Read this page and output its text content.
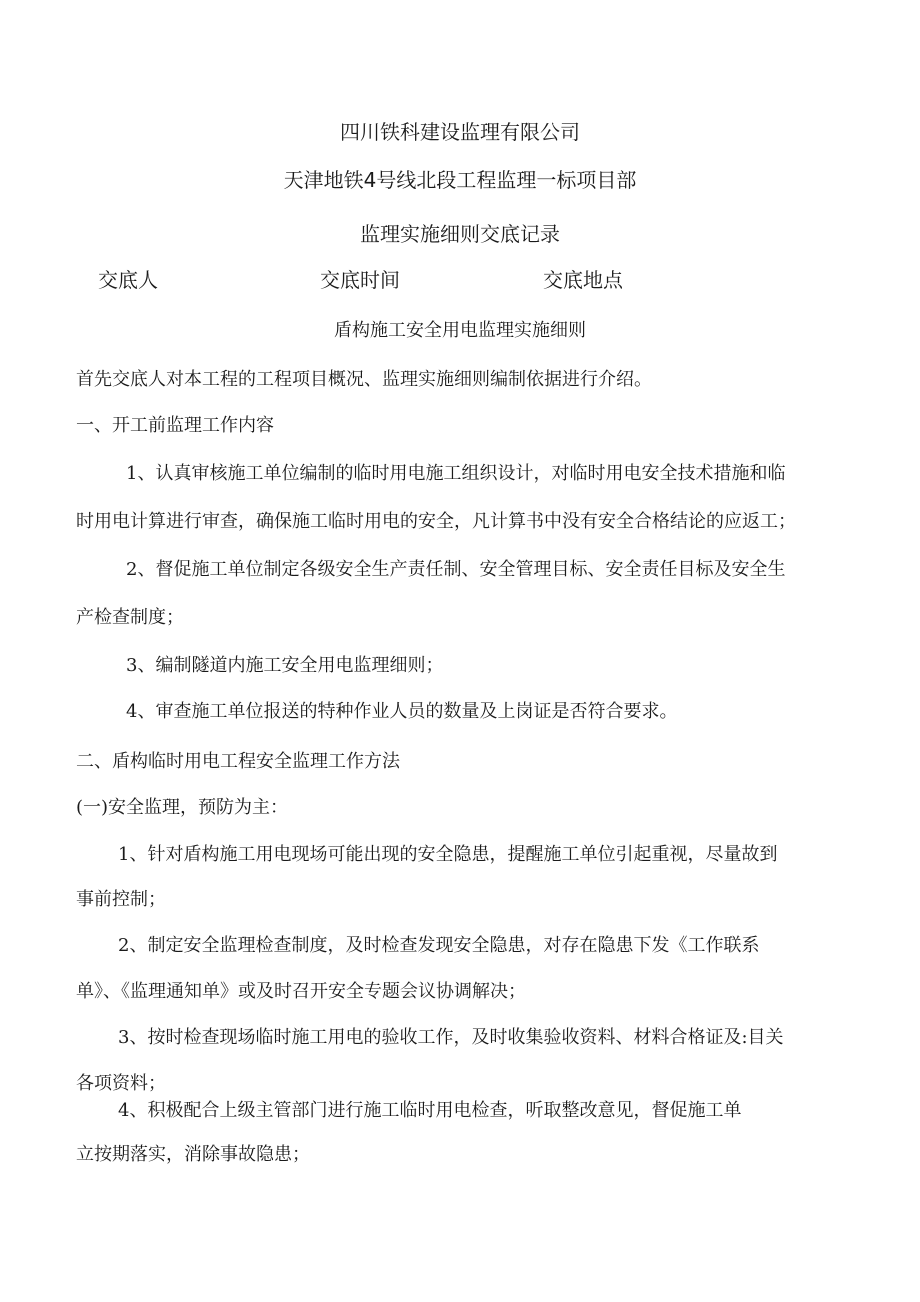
四川铁科建设监理有限公司
天津地铁4号线北段工程监理一标项目部
监理实施细则交底记录
交底人	交底时间	交底地点
盾构施工安全用电监理实施细则
首先交底人对本工程的工程项目概况、监理实施细则编制依据进行介绍。
一、开工前监理工作内容
1、认真审核施工单位编制的临时用电施工组织设计，对临时用电安全技术措施和临
时用电计算进行审查，确保施工临时用电的安全，凡计算书中没有安全合格结论的应返工；
2、督促施工单位制定各级安全生产责任制、安全管理目标、安全责任目标及安全生
产检查制度；
3、编制隧道内施工安全用电监理细则；
4、审查施工单位报送的特种作业人员的数量及上岗证是否符合要求。
二、盾构临时用电工程安全监理工作方法
(一)安全监理，预防为主：
1、针对盾构施工用电现场可能出现的安全隐患，提醒施工单位引起重视，尽量故到
事前控制；
2、制定安全监理检查制度，及时检查发现安全隐患，对存在隐患下发《工作联系
单》、《监理通知单》或及时召开安全专题会议协调解决；
3、按时检查现场临时施工用电的验收工作，及时收集验收资料、材料合格证及:目关
各项资料；
4、积极配合上级主管部门进行施工临时用电检查，听取整改意见，督促施工单
立按期落实，消除事故隐患；
